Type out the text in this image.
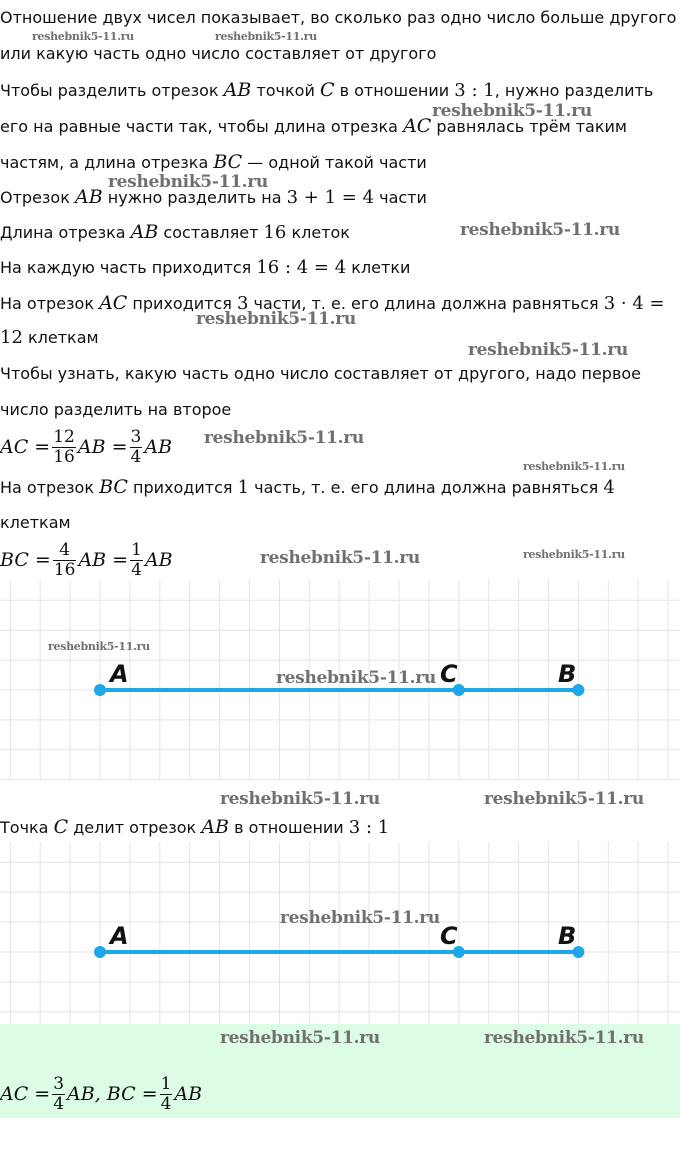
Отношение двух чисел показывает, во сколько раз одно число больше другого
или какую часть одно число составляет от другого
Чтобы разделить отрезок AB точкой C в отношении 3 : 1, нужно разделить
его на равные части так, чтобы длина отрезка AC равнялась трём таким
частям, а длина отрезка BC — одной такой части
Отрезок AB нужно разделить на 3 + 1 = 4 части
Длина отрезка AB составляет 16 клеток
На каждую часть приходится 16 : 4 = 4 клетки
На отрезок AC приходится 3 части, т. е. его длина должна равняться 3 · 4 =
12 клеткам
Чтобы узнать, какую часть одно число составляет от другого, надо первое
число разделить на второе
AC = $\frac{12}{16}$ AB = $\frac{3}{4}$ AB
На отрезок BC приходится 1 часть, т. е. его длина должна равняться 4
клеткам
BC = $\frac{4}{16}$ AB = $\frac{1}{4}$ AB
A	C	B
Точка C делит отрезок AB в отношении 3 : 1
A	C	B
AC = $\frac{3}{4}$ AB, BC = $\frac{1}{4}$ AB
reshebnik5-11.ru	reshebnik5-11.ru
reshebnik5-11.ru
reshebnik5-11.ru
reshebnik5-11.ru
reshebnik5-11.ru
reshebnik5-11.ru
reshebnik5-11.ru
reshebnik5-11.ru
reshebnik5-11.ru	reshebnik5-11.ru
reshebnik5-11.ru
reshebnik5-11.ru
reshebnik5-11.ru	reshebnik5-11.ru
reshebnik5-11.ru
reshebnik5-11.ru	reshebnik5-11.ru
